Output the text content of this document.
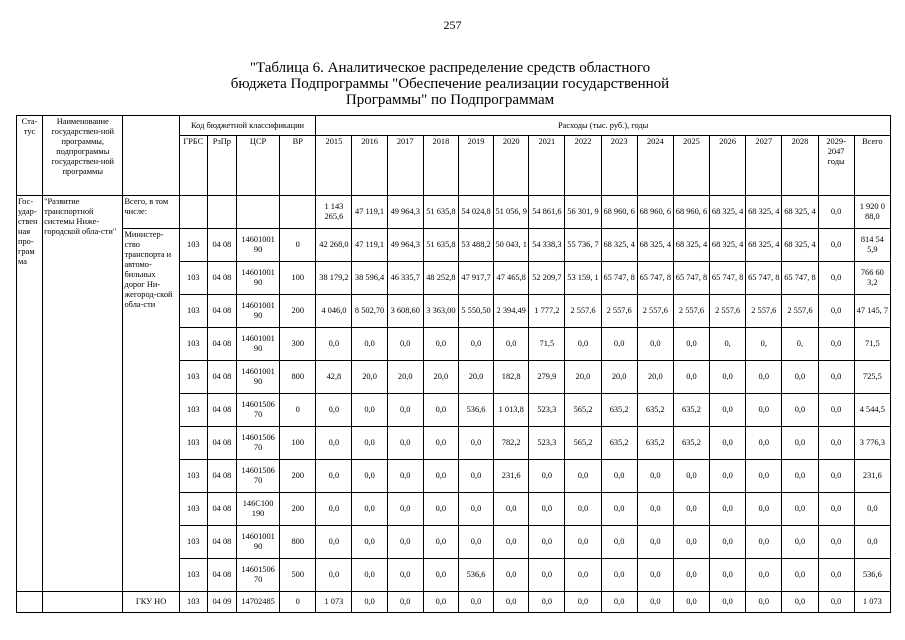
257
"Таблица 6. Аналитическое распределение средств областного
бюджета Подпрограммы "Обеспечение реализации государственной
Программы" по Подпрограммам
Ста-тус	Наименование государствен-ной программы, подпрограммы государствен-ной программы		Код бюджетной классификации				Расходы (тыс. руб.), годы															
			ГРБС	РзПр	ЦСР	ВР	2015	2016	2017	2018	2019	2020	2021	2022	2023	2024	2025	2026	2027	2028	2029-2047 годы	Всего
Гос-удар-ствен ная про-грам ма	"Развитие транспортной системы Ниже-городской обла-сти"	Всего, в том числе:					1 143 265,6	47 119,1	49 964,3	51 635,8	54 024,8	51 056, 9	54 861,6	56 301, 9	68 960, 6	68 960, 6	68 960, 6	68 325, 4	68 325, 4	68 325, 4	0,0	1 920 0 88,0
		Министер-ство транспорта и автомо-бильных дорог Ни-жегород-ской обла-сти	103	04 08	14601001 90	0	42 268,0	47 119,1	49 964,3	51 635,8	53 488,2	50 043, 1	54 338,3	55 736, 7	68 325, 4	68 325, 4	68 325, 4	68 325, 4	68 325, 4	68 325, 4	0,0	814 54 5,9
			103	04 08	14601001 90	100	38 179,2	38 596,4	46 335,7	48 252,8	47 917,7	47 465,8	52 209,7	53 159, 1	65 747, 8	65 747, 8	65 747, 8	65 747, 8	65 747, 8	65 747, 8	0,0	766 60 3,2
			103	04 08	14601001 90	200	4 046,0	8 502,70	3 608,60	3 363,00	5 550,50	2 394,49	1 777,2	2 557,6	2 557,6	2 557,6	2 557,6	2 557,6	2 557,6	2 557,6	0,0	47 145, 7
			103	04 08	14601001 90	300	0,0	0,0	0,0	0,0	0,0	0,0	71,5	0,0	0,0	0,0	0,0	0,	0,	0,	0,0	71,5
			103	04 08	14601001 90	800	42,8	20,0	20,0	20,0	20,0	182,8	279,9	20,0	20,0	20,0	0,0	0,0	0,0	0,0	0,0	725,5
			103	04 08	14601506 70	0	0,0	0,0	0,0	0,0	536,6	1 013,8	523,3	565,2	635,2	635,2	635,2	0,0	0,0	0,0	0,0	4 544,5
			103	04 08	14601506 70	100	0,0	0,0	0,0	0,0	0,0	782,2	523,3	565,2	635,2	635,2	635,2	0,0	0,0	0,0	0,0	3 776,3
			103	04 08	14601506 70	200	0,0	0,0	0,0	0,0	0,0	231,6	0,0	0,0	0,0	0,0	0,0	0,0	0,0	0,0	0,0	231,6
			103	04 08	146С100 190	200	0,0	0,0	0,0	0,0	0,0	0,0	0,0	0,0	0,0	0,0	0,0	0,0	0,0	0,0	0,0	0,0
			103	04 08	14601001 90	800	0,0	0,0	0,0	0,0	0,0	0,0	0,0	0,0	0,0	0,0	0,0	0,0	0,0	0,0	0,0	0,0
			103	04 08	14601506 70	500	0,0	0,0	0,0	0,0	536,6	0,0	0,0	0,0	0,0	0,0	0,0	0,0	0,0	0,0	0,0	536,6
		ГКУ НО	103	04 09	14702485	0	1 073	0,0	0,0	0,0	0,0	0,0	0,0	0,0	0,0	0,0	0,0	0,0	0,0	0,0	0,0	1 073
